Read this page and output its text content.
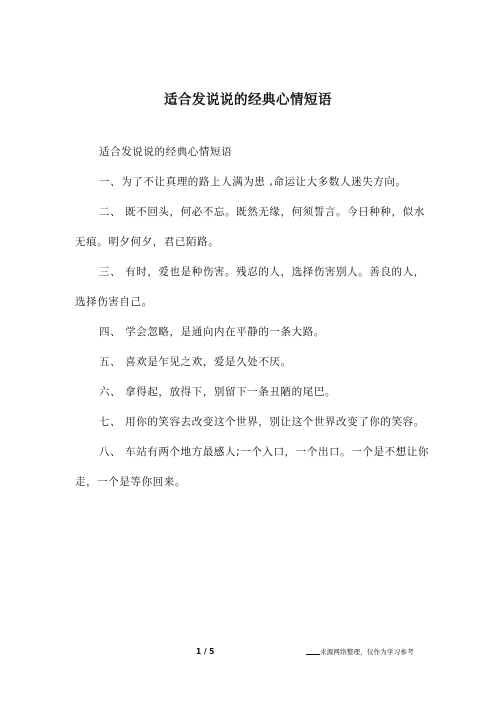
适合发说说的经典心情短语

适合发说说的经典心情短语

一、为了不让真理的路上人满为患 ,命运让大多数人迷失方向。

二、 既不回头，何必不忘。既然无缘，何须誓言。今日种种，似水无痕。明夕何夕，君已陌路。

三、 有时，爱也是种伤害。残忍的人，选择伤害别人。善良的人，选择伤害自己。

四、 学会忽略，是通向内在平静的一条大路。

五、 喜欢是乍见之欢，爱是久处不厌。

六、 拿得起，放得下，别留下一条丑陋的尾巴。

七、 用你的笑容去改变这个世界，别让这个世界改变了你的笑容。

八、 车站有两个地方最感人;一个入口，一个出口。一个是不想让你走，一个是等你回来。

1 / 5	来源网络整理，仅作为学习参考
